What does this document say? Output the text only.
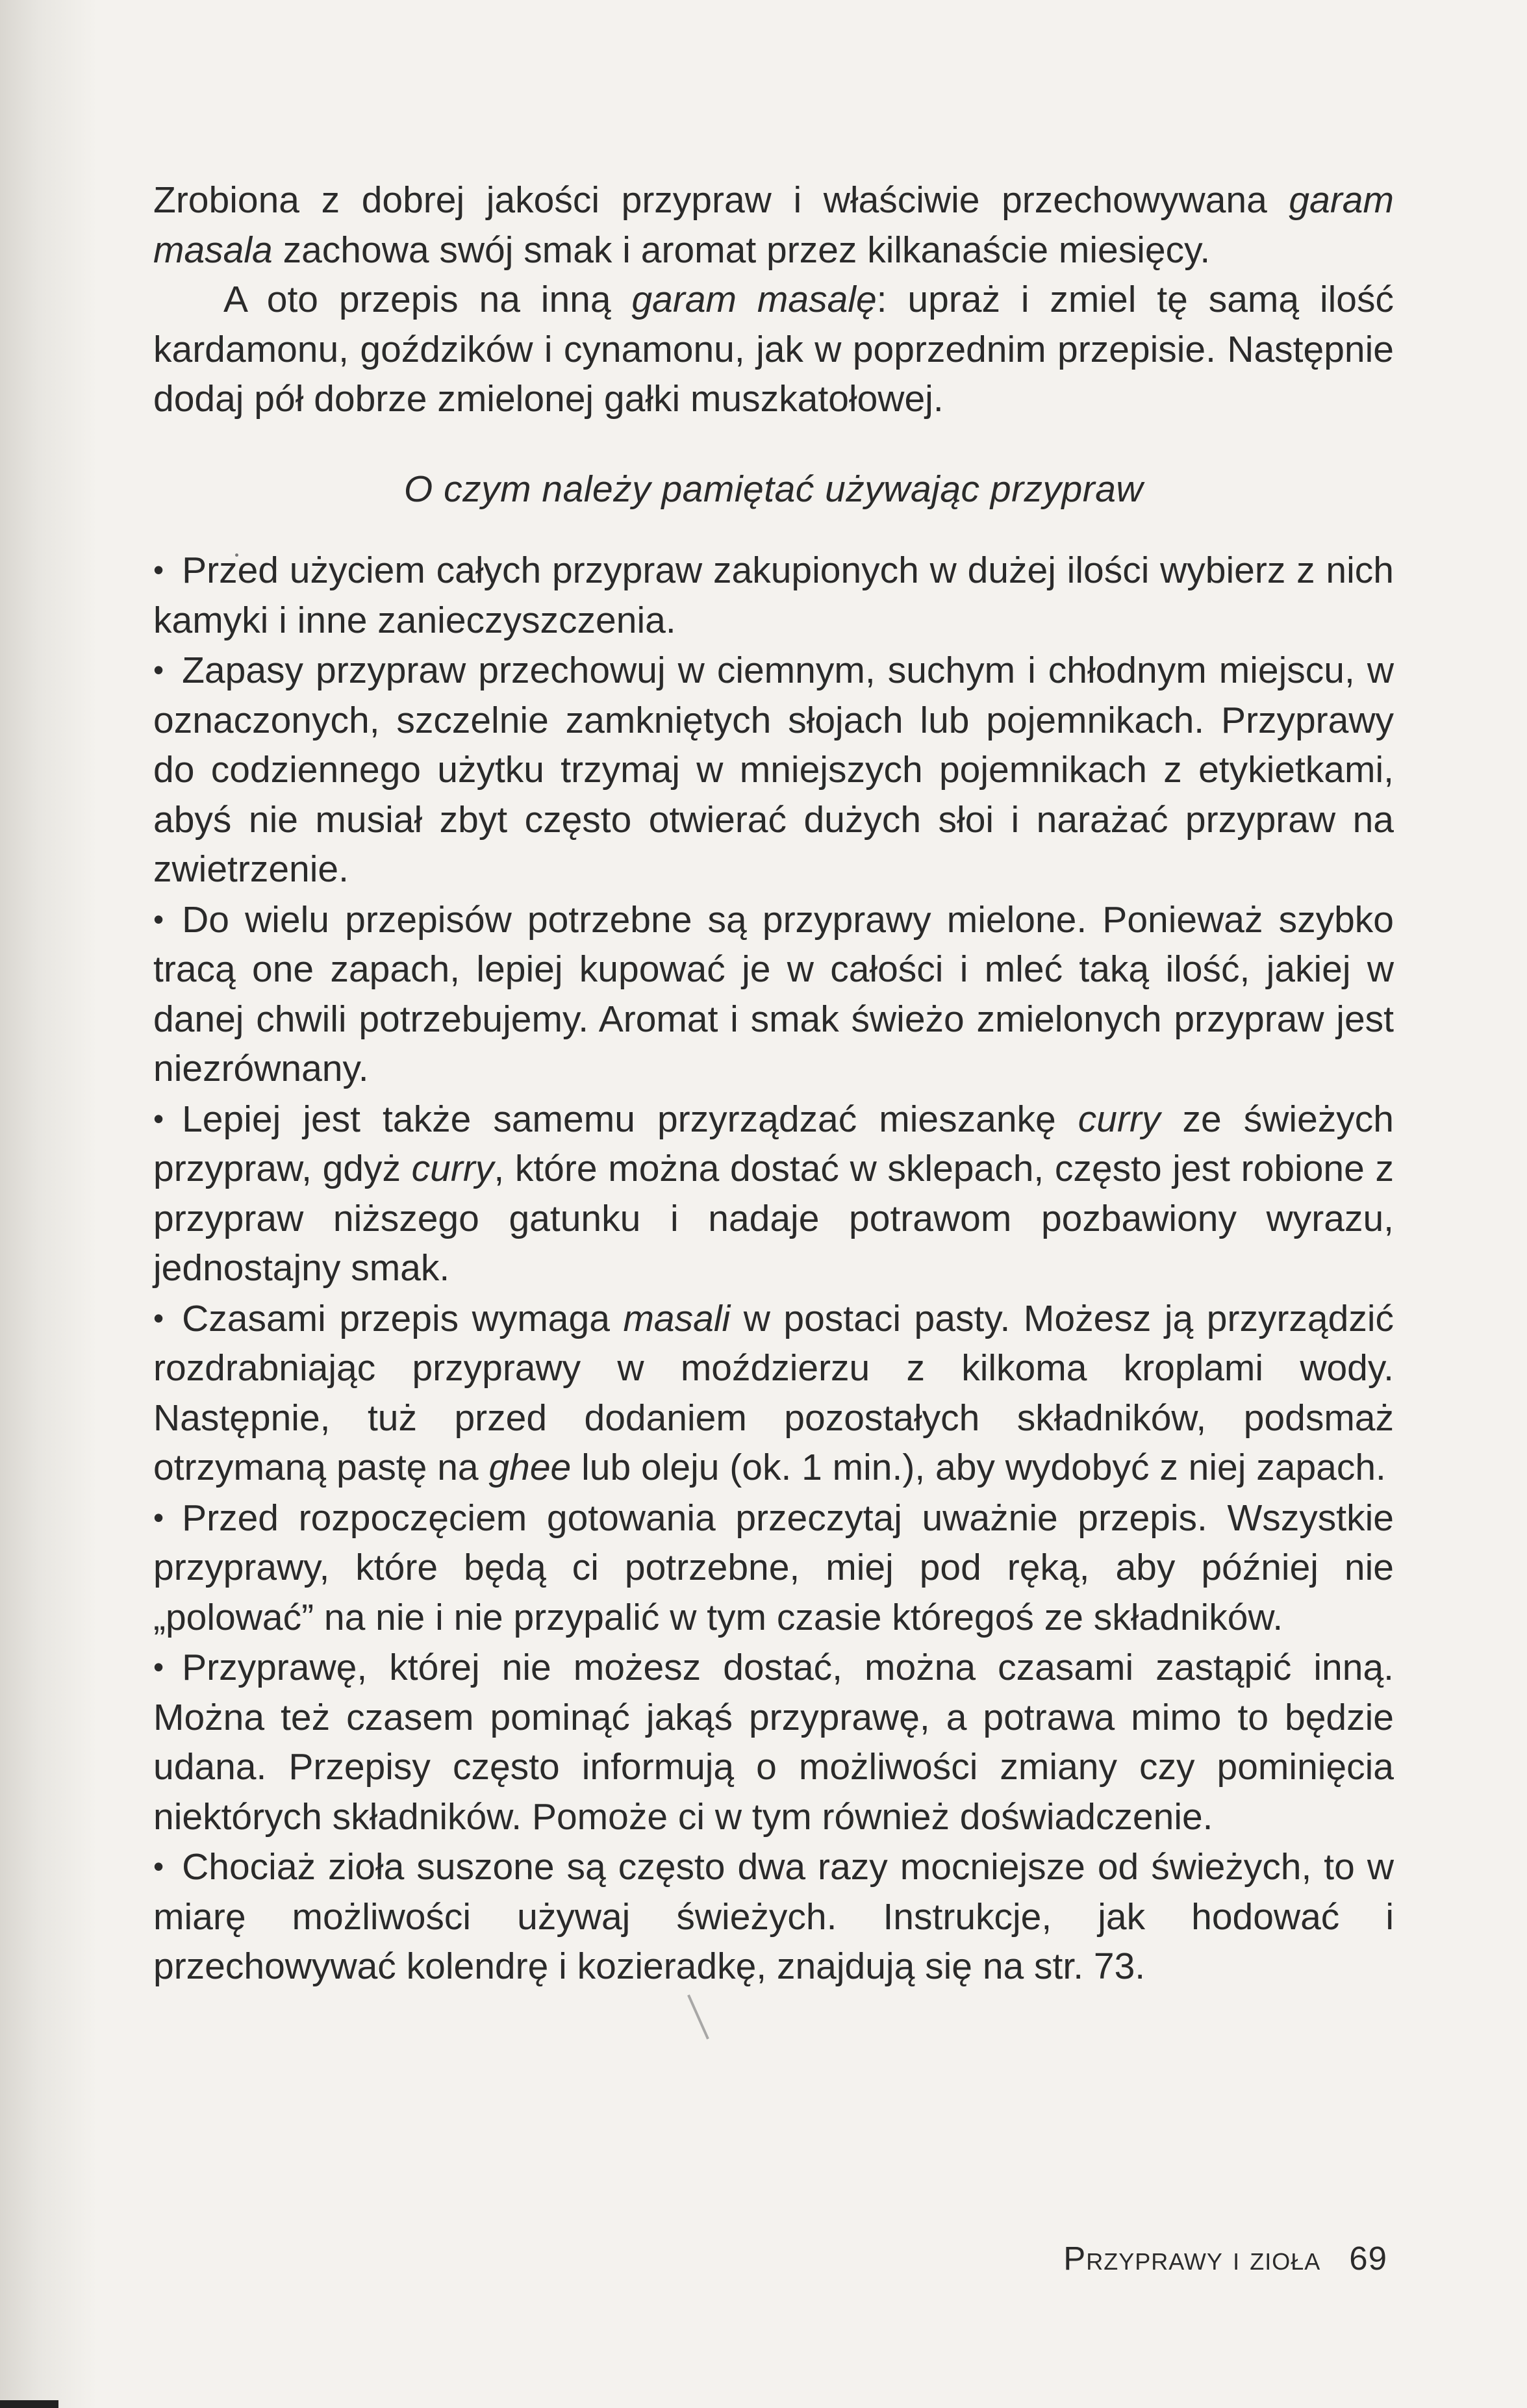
Zrobiona z dobrej jakości przypraw i właściwie przechowywana garam masala zachowa swój smak i aromat przez kilkanaście miesięcy.

A oto przepis na inną garam masalę: upraż i zmiel tę samą ilość kardamonu, goździków i cynamonu, jak w poprzednim przepisie. Następnie dodaj pół dobrze zmielonej gałki muszkatołowej.

O czym należy pamiętać używając przypraw

• Przed użyciem całych przypraw zakupionych w dużej ilości wybierz z nich kamyki i inne zanieczyszczenia.

• Zapasy przypraw przechowuj w ciemnym, suchym i chłodnym miejscu, w oznaczonych, szczelnie zamkniętych słojach lub pojemnikach. Przyprawy do codziennego użytku trzymaj w mniejszych pojemnikach z etykietkami, abyś nie musiał zbyt często otwierać dużych słoi i narażać przypraw na zwietrzenie.

• Do wielu przepisów potrzebne są przyprawy mielone. Ponieważ szybko tracą one zapach, lepiej kupować je w całości i mleć taką ilość, jakiej w danej chwili potrzebujemy. Aromat i smak świeżo zmielonych przypraw jest niezrównany.

• Lepiej jest także samemu przyrządzać mieszankę curry ze świeżych przypraw, gdyż curry, które można dostać w sklepach, często jest robione z przypraw niższego gatunku i nadaje potrawom pozbawiony wyrazu, jednostajny smak.

• Czasami przepis wymaga masali w postaci pasty. Możesz ją przyrządzić rozdrabniając przyprawy w moździerzu z kilkoma kroplami wody. Następnie, tuż przed dodaniem pozostałych składników, podsmaż otrzymaną pastę na ghee lub oleju (ok. 1 min.), aby wydobyć z niej zapach.

• Przed rozpoczęciem gotowania przeczytaj uważnie przepis. Wszystkie przyprawy, które będą ci potrzebne, miej pod ręką, aby później nie „polować” na nie i nie przypalić w tym czasie któregoś ze składników.

• Przyprawę, której nie możesz dostać, można czasami zastąpić inną. Można też czasem pominąć jakąś przyprawę, a potrawa mimo to będzie udana. Przepisy często informują o możliwości zmiany czy pominięcia niektórych składników. Pomoże ci w tym również doświadczenie.

• Chociaż zioła suszone są często dwa razy mocniejsze od świeżych, to w miarę możliwości używaj świeżych. Instrukcje, jak hodować i przechowywać kolendrę i kozieradkę, znajdują się na str. 73.

Przyprawy i zioła 69
